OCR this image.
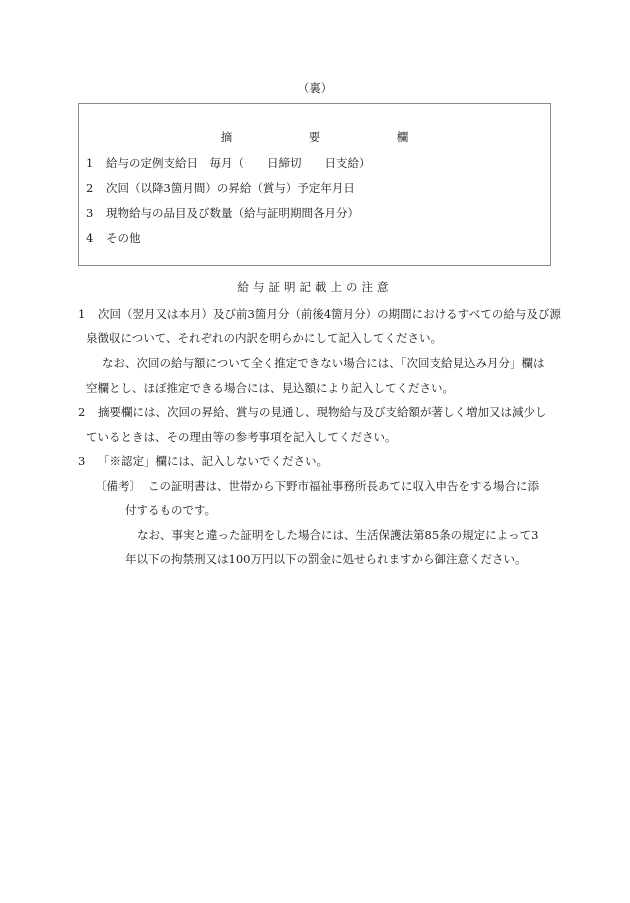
（裏）
摘	要	欄
1 給与の定例支給日　毎月（　　日締切　　日支給）
2 次回（以降3箇月間）の昇給（賞与）予定年月日
3 現物給与の品目及び数量（給与証明期間各月分）
4 その他
給与証明記載上の注意
1 次回（翌月又は本月）及び前3箇月分（前後4箇月分）の期間におけるすべての給与及び源
泉徴収について、それぞれの内訳を明らかにして記入してください。
なお、次回の給与額について全く推定できない場合には、「次回支給見込み月分」欄は
空欄とし、ほぼ推定できる場合には、見込額により記入してください。
2 摘要欄には、次回の昇給、賞与の見通し、現物給与及び支給額が著しく増加又は減少し
ているときは、その理由等の参考事項を記入してください。
3 「※認定」欄には、記入しないでください。
〔備考〕 この証明書は、世帯から下野市福祉事務所長あてに収入申告をする場合に添
付するものです。
なお、事実と違った証明をした場合には、生活保護法第85条の規定によって3
年以下の拘禁刑又は100万円以下の罰金に処せられますから御注意ください。
